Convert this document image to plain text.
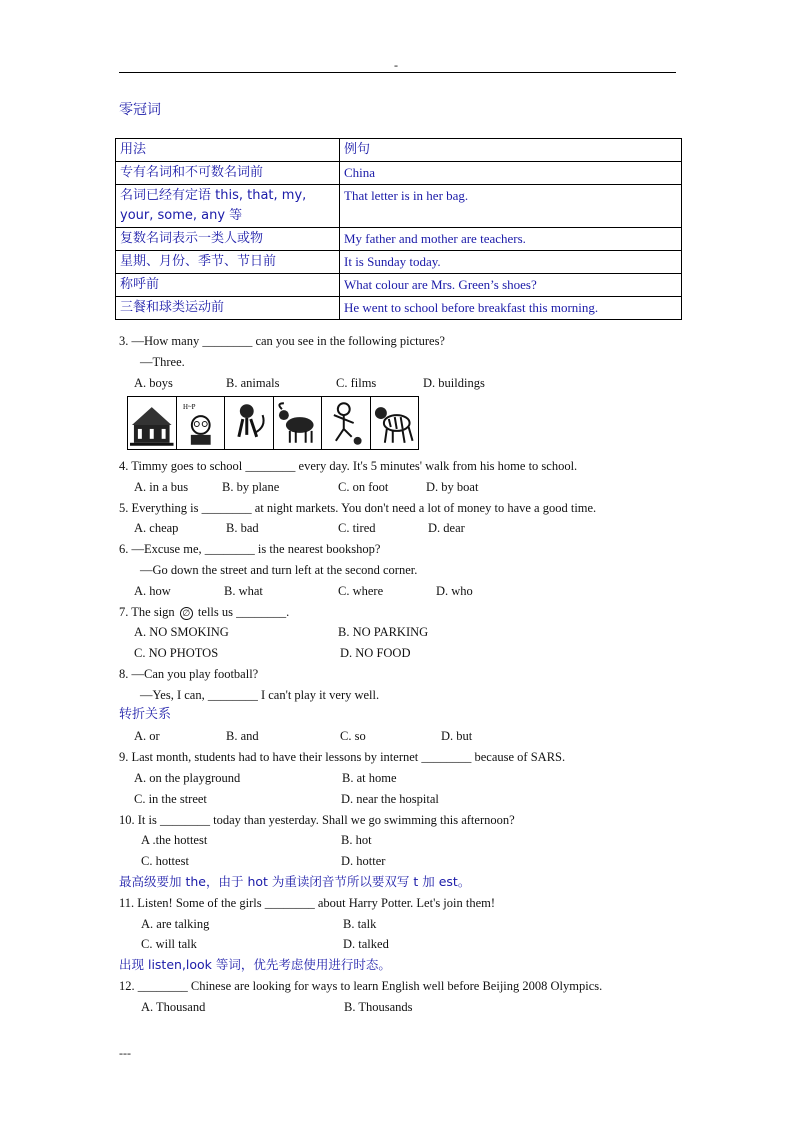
-
零冠词
用法	例句
专有名词和不可数名词前	China
名词已经有定语 this, that, my, your, some, any 等	That letter is in her bag.
复数名词表示一类人或物	My father and mother are teachers.
星期、月份、季节、节日前	It is Sunday today.
称呼前	What colour are Mrs. Green’s shoes?
三餐和球类运动前	He went to school before breakfast this morning.
3. —How many ________ can you see in the following pictures?
—Three.
A. boys	B. animals	C. films	D. buildings
H~P
4. Timmy goes to school ________ every day. It's 5 minutes' walk from his home to school.
A. in a bus	B. by plane	C. on foot	D. by boat
5. Everything is ________ at night markets. You don't need a lot of money to have a good time.
A. cheap	B. bad	C. tired	D. dear
6. —Excuse me, ________ is the nearest bookshop?
—Go down the street and turn left at the second corner.
A. how	B. what	C. where	D. who
7. The sign ∅ tells us ________.
A. NO SMOKING	B. NO PARKING
C. NO PHOTOS	D. NO FOOD
8. —Can you play football?
—Yes, I can, ________ I can't play it very well.
转折关系
A. or	B. and	C. so	D. but
9. Last month, students had to have their lessons by internet ________ because of SARS.
A. on the playground	B. at home
C. in the street	D. near the hospital
10. It is ________ today than yesterday. Shall we go swimming this afternoon?
A .the hottest	B. hot
C. hottest	D. hotter
最高级要加 the，由于 hot 为重读闭音节所以要双写 t 加 est。
11. Listen! Some of the girls ________ about Harry Potter. Let's join them!
A. are talking	B. talk
C. will talk	D. talked
出现 listen,look 等词，优先考虑使用进行时态。
12. ________ Chinese are looking for ways to learn English well before Beijing 2008 Olympics.
A. Thousand	B. Thousands
---
